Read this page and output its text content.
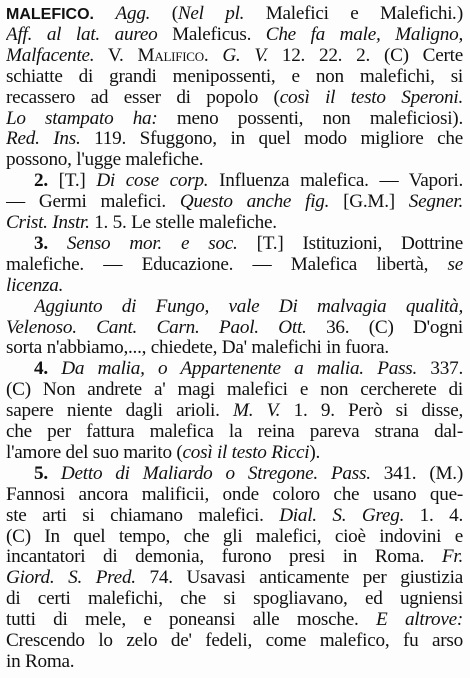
MALEFICO. Agg. (Nel pl. Malefici e Malefichi.)
Aff. al lat. aureo Maleficus. Che fa male, Maligno,
Malfacente. V. Malifico. G. V. 12. 22. 2. (C) Certe
schiatte di grandi menipossenti, e non malefichi, si
recassero ad esser di popolo (così il testo Speroni.
Lo stampato ha: meno possenti, non maleficiosi).
Red. Ins. 119. Sfuggono, in quel modo migliore che
possono, l'ugge malefiche.
2. [T.] Di cose corp. Influenza malefica. — Vapori.
— Germi malefici. Questo anche fig. [G.M.] Segner.
Crist. Instr. 1. 5. Le stelle malefiche.
3. Senso mor. e soc. [T.] Istituzioni, Dottrine
malefiche. — Educazione. — Malefica libertà, se
licenza.
Aggiunto di Fungo, vale Di malvagia qualità,
Velenoso. Cant. Carn. Paol. Ott. 36. (C) D'ogni
sorta n'abbiamo,..., chiedete, Da' malefichi in fuora.
4. Da malia, o Appartenente a malia. Pass. 337.
(C) Non andrete a' magi malefici e non cercherete di
sapere niente dagli arioli. M. V. 1. 9. Però si disse,
che per fattura malefica la reina pareva strana dal-
l'amore del suo marito (così il testo Ricci).
5. Detto di Maliardo o Stregone. Pass. 341. (M.)
Fannosi ancora malificii, onde coloro che usano que-
ste arti si chiamano malefici. Dial. S. Greg. 1. 4.
(C) In quel tempo, che gli malefici, cioè indovini e
incantatori di demonia, furono presi in Roma. Fr.
Giord. S. Pred. 74. Usavasi anticamente per giustizia
di certi malefichi, che si spogliavano, ed ugniensi
tutti di mele, e poneansi alle mosche. E altrove:
Crescendo lo zelo de' fedeli, come malefico, fu arso
in Roma.
